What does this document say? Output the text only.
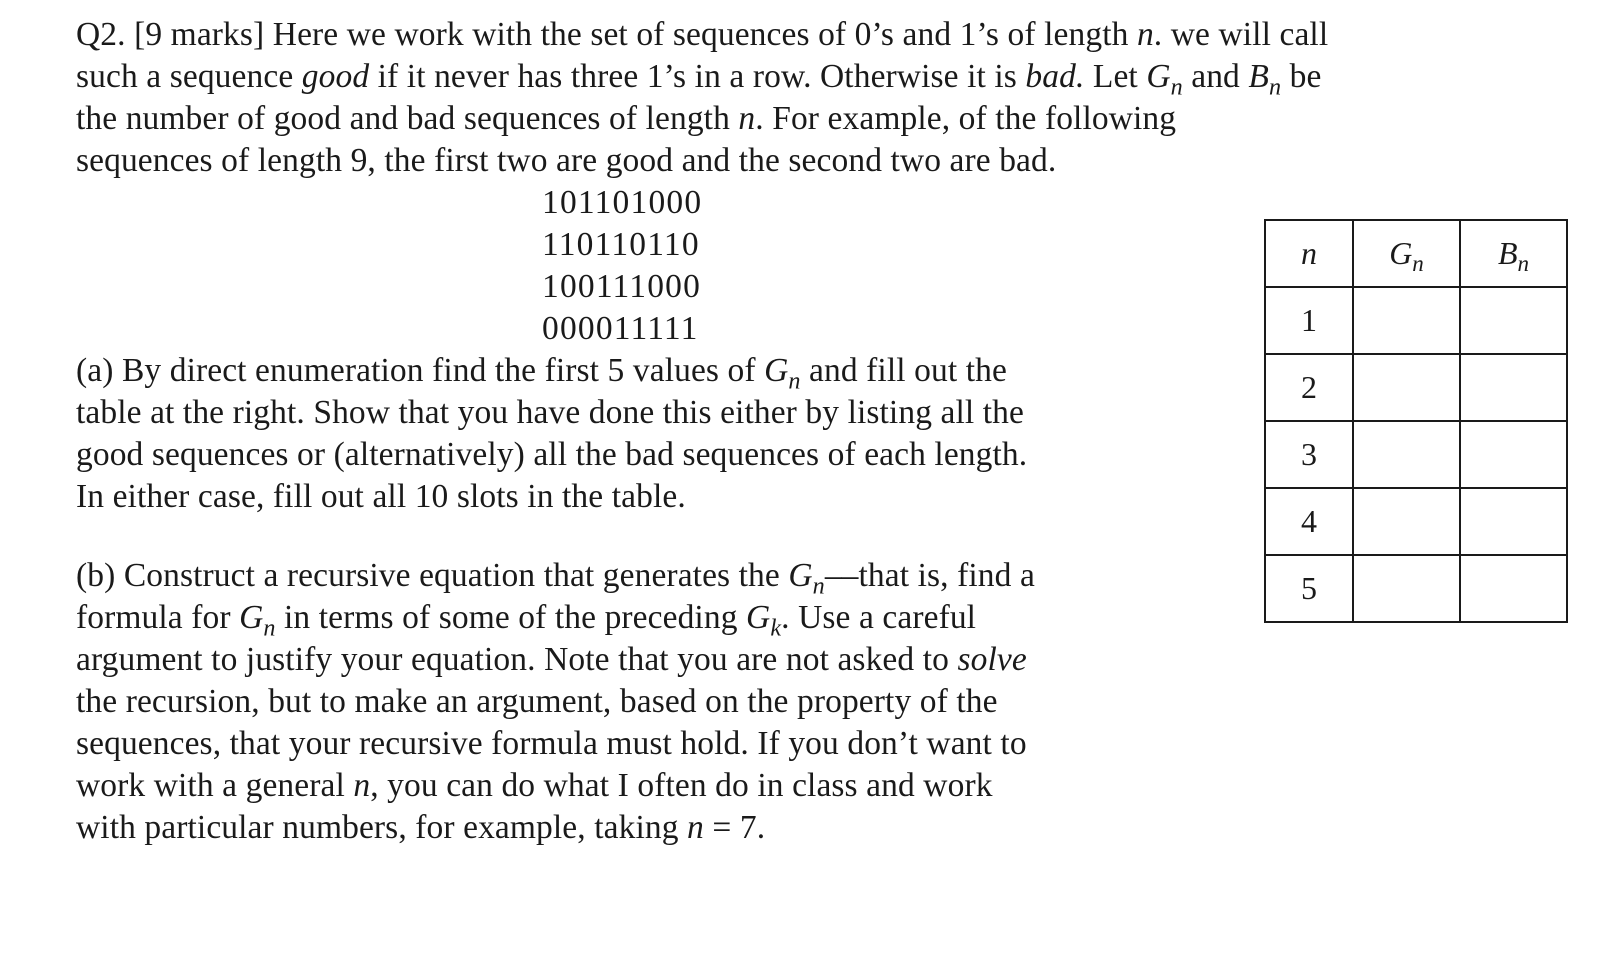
Q2. [9 marks] Here we work with the set of sequences of 0’s and 1’s of length n. we will call
such a sequence good if it never has three 1’s in a row. Otherwise it is bad. Let $G_n$ and $B_n$ be
the number of good and bad sequences of length n. For example, of the following
sequences of length 9, the first two are good and the second two are bad.
101101000
110110110
100111000
000011111
(a) By direct enumeration find the first 5 values of $G_n$ and fill out the
table at the right. Show that you have done this either by listing all the
good sequences or (alternatively) all the bad sequences of each length.
In either case, fill out all 10 slots in the table.
(b) Construct a recursive equation that generates the $G_n-$–that is, find a
formula for $G_n$ in terms of some of the preceding $G_k$. Use a careful
argument to justify your equation. Note that you are not asked to solve
the recursion, but to make an argument, based on the property of the
sequences, that your recursive formula must hold. If you don’t want to
work with a general n, you can do what I often do in class and work
with particular numbers, for example, taking n = 7.
n	$G_n$	$B_n$
1		
2		
3		
4		
5		
